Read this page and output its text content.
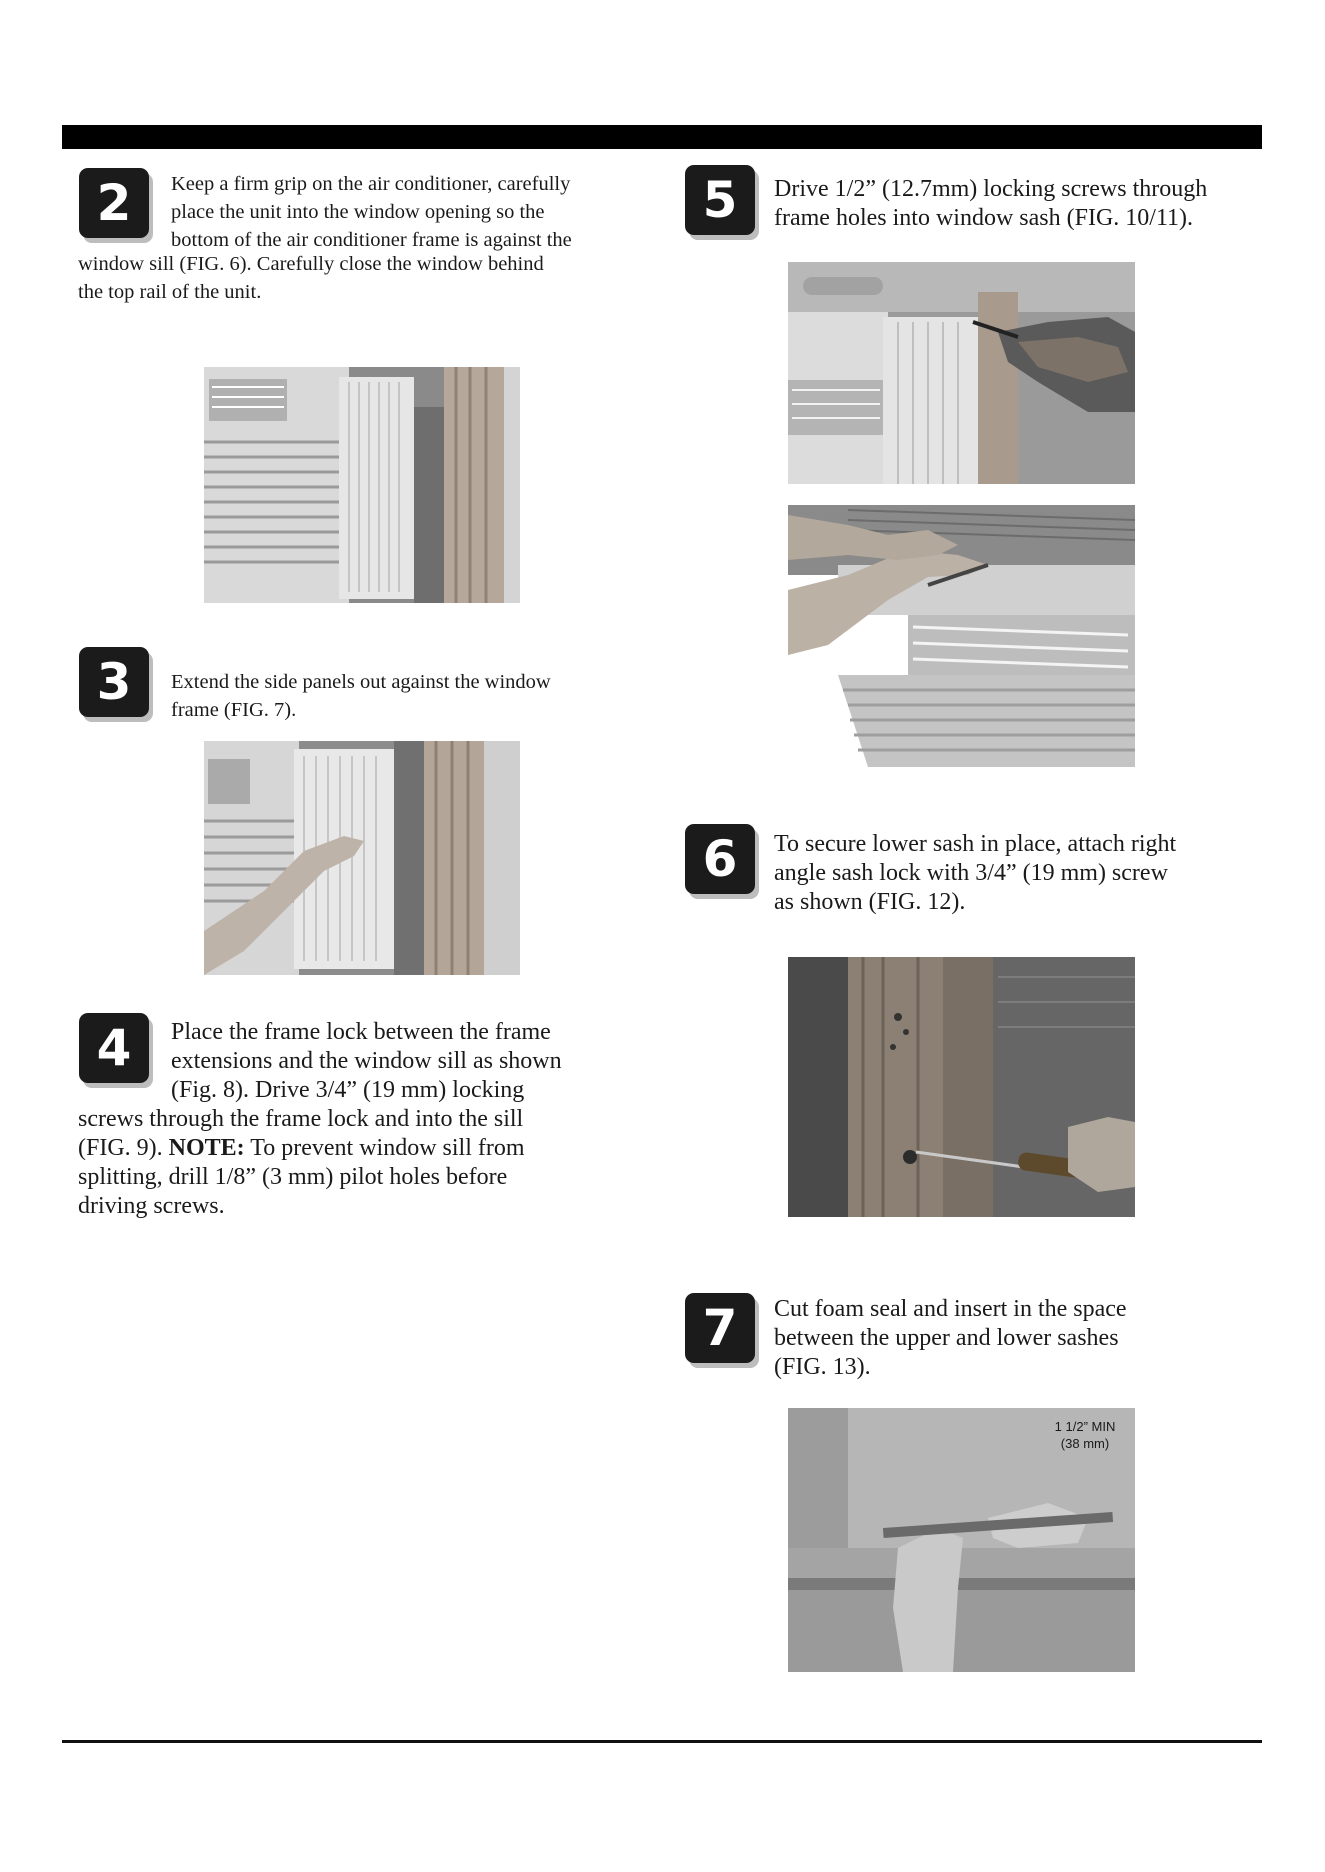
2 Keep a firm grip on the air conditioner, carefully
place the unit into the window opening so the
bottom of the air conditioner frame is against the
window sill (FIG. 6). Carefully close the window behind
the top rail of the unit.
3 Extend the side panels out against the window
frame (FIG. 7).
4 Place the frame lock between the frame
extensions and the window sill as shown
(Fig. 8). Drive 3/4” (19 mm) locking
screws through the frame lock and into the sill
(FIG. 9). NOTE: To prevent window sill from
splitting, drill 1/8” (3 mm) pilot holes before
driving screws.
5 Drive 1/2” (12.7mm) locking screws through
frame holes into window sash (FIG. 10/11).
6 To secure lower sash in place, attach right
angle sash lock with 3/4” (19 mm) screw
as shown (FIG. 12).
7 Cut foam seal and insert in the space
between the upper and lower sashes
(FIG. 13).
1 1/2” MIN
(38 mm)
